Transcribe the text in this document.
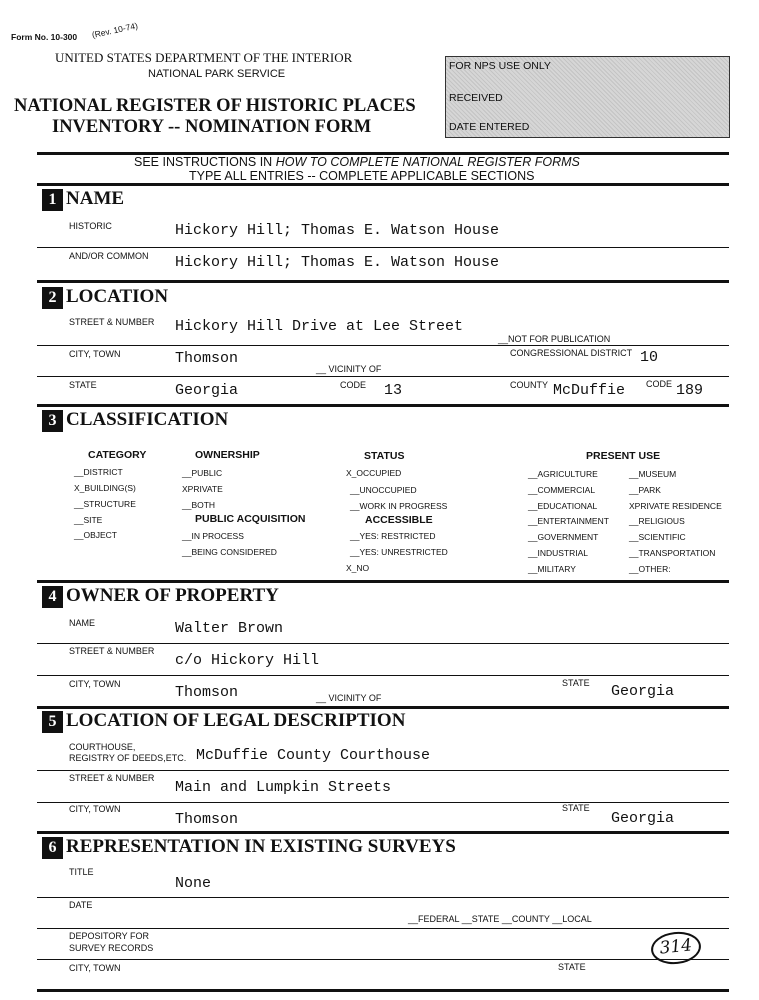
Form No. 10-300 (Rev. 10-74)
UNITED STATES DEPARTMENT OF THE INTERIOR
NATIONAL PARK SERVICE
NATIONAL REGISTER OF HISTORIC PLACES
INVENTORY -- NOMINATION FORM
FOR NPS USE ONLY
RECEIVED
DATE ENTERED
SEE INSTRUCTIONS IN HOW TO COMPLETE NATIONAL REGISTER FORMS
TYPE ALL ENTRIES -- COMPLETE APPLICABLE SECTIONS
1 NAME
HISTORIC	Hickory Hill; Thomas E. Watson House
AND/OR COMMON Hickory Hill; Thomas E. Watson House
2 LOCATION
STREET & NUMBER Hickory Hill Drive at Lee Street
__NOT FOR PUBLICATION
CITY, TOWN	Thomson
__ VICINITY OF
CONGRESSIONAL DISTRICT 10
STATE	Georgia	CODE 13	COUNTY McDuffie CODE 189
3 CLASSIFICATION
CATEGORY
__DISTRICT
X_BUILDING(S)
__STRUCTURE
__SITE
__OBJECT
OWNERSHIP
__PUBLIC
XPRIVATE
__BOTH
PUBLIC ACQUISITION
__IN PROCESS
__BEING CONSIDERED
STATUS
X_OCCUPIED
__UNOCCUPIED
__WORK IN PROGRESS
ACCESSIBLE
__YES: RESTRICTED
__YES: UNRESTRICTED
X_NO
PRESENT USE
__AGRICULTURE
__COMMERCIAL
__EDUCATIONAL
__ENTERTAINMENT
__GOVERNMENT
__INDUSTRIAL
__MILITARY
__MUSEUM
__PARK
XPRIVATE RESIDENCE
__RELIGIOUS
__SCIENTIFIC
__TRANSPORTATION
__OTHER:
4 OWNER OF PROPERTY
NAME	Walter Brown
STREET & NUMBER
c/o Hickory Hill
CITY, TOWN	Thomson	__ VICINITY OF
STATE Georgia
5 LOCATION OF LEGAL DESCRIPTION
COURTHOUSE,
REGISTRY OF DEEDS,ETC. McDuffie County Courthouse
STREET & NUMBER
Main and Lumpkin Streets
CITY, TOWN
Thomson
STATE
Georgia
6 REPRESENTATION IN EXISTING SURVEYS
TITLE
None
DATE
__FEDERAL __STATE __COUNTY __LOCAL
DEPOSITORY FOR
SURVEY RECORDS	314
CITY, TOWN	STATE
